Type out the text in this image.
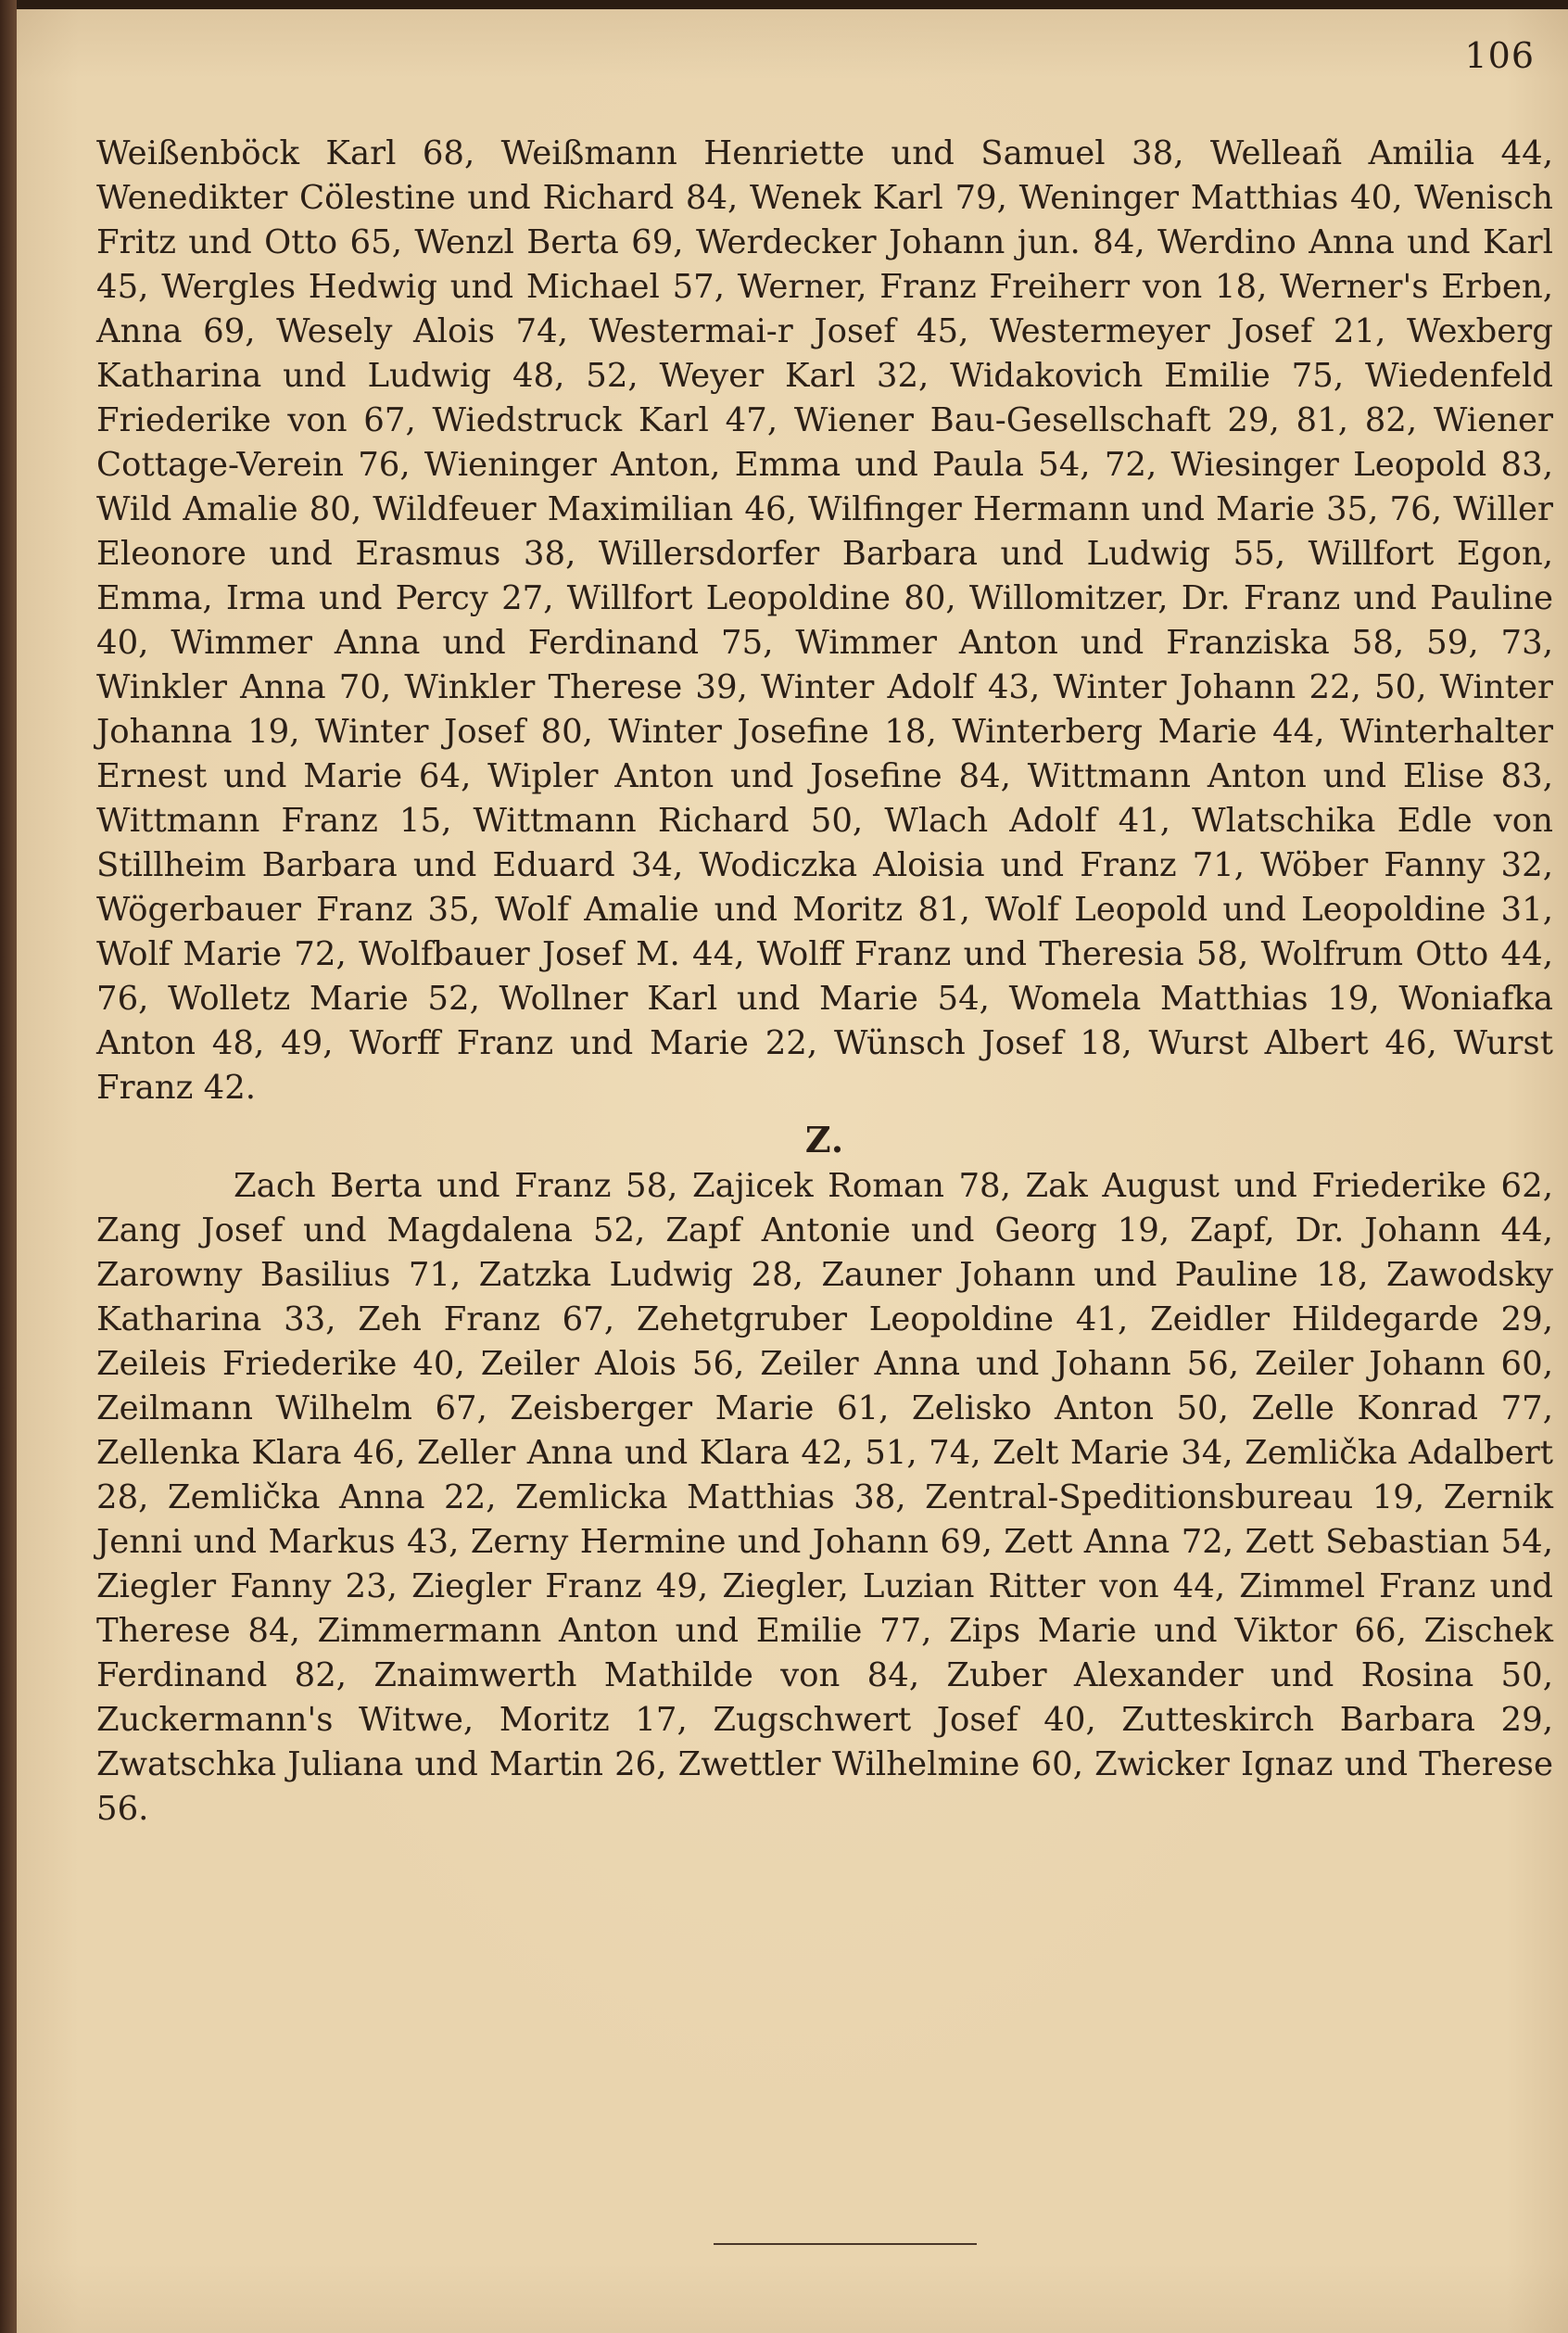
106

Weißenböck Karl 68, Weißmann Henriette und Samuel 38, Welleañ Amilia 44, Wenedikter Cölestine und Richard 84, Wenek Karl 79, Weninger Matthias 40, Wenisch Fritz und Otto 65, Wenzl Berta 69, Werdecker Johann jun. 84, Werdino Anna und Karl 45, Wergles Hedwig und Michael 57, Werner, Franz Freiherr von 18, Werner's Erben, Anna 69, Wesely Alois 74, Westermai-r Josef 45, Westermeyer Josef 21, Wexberg Katharina und Ludwig 48, 52, Weyer Karl 32, Widakovich Emilie 75, Wiedenfeld Friederike von 67, Wiedstruck Karl 47, Wiener Bau-Gesellschaft 29, 81, 82, Wiener Cottage-Verein 76, Wieninger Anton, Emma und Paula 54, 72, Wiesinger Leopold 83, Wild Amalie 80, Wildfeuer Maximilian 46, Wilfinger Hermann und Marie 35, 76, Willer Eleonore und Erasmus 38, Willersdorfer Barbara und Ludwig 55, Willfort Egon, Emma, Irma und Percy 27, Willfort Leopoldine 80, Willomitzer, Dr. Franz und Pauline 40, Wimmer Anna und Ferdinand 75, Wimmer Anton und Franziska 58, 59, 73, Winkler Anna 70, Winkler Therese 39, Winter Adolf 43, Winter Johann 22, 50, Winter Johanna 19, Winter Josef 80, Winter Josefine 18, Winterberg Marie 44, Winterhalter Ernest und Marie 64, Wipler Anton und Josefine 84, Wittmann Anton und Elise 83, Wittmann Franz 15, Wittmann Richard 50, Wlach Adolf 41, Wlatschika Edle von Stillheim Barbara und Eduard 34, Wodiczka Aloisia und Franz 71, Wöber Fanny 32, Wögerbauer Franz 35, Wolf Amalie und Moritz 81, Wolf Leopold und Leopoldine 31, Wolf Marie 72, Wolfbauer Josef M. 44, Wolff Franz und Theresia 58, Wolfrum Otto 44, 76, Wolletz Marie 52, Wollner Karl und Marie 54, Womela Matthias 19, Woniafka Anton 48, 49, Worff Franz und Marie 22, Wünsch Josef 18, Wurst Albert 46, Wurst Franz 42.

Z.

Zach Berta und Franz 58, Zajicek Roman 78, Zak August und Friederike 62, Zang Josef und Magdalena 52, Zapf Antonie und Georg 19, Zapf, Dr. Johann 44, Zarowny Basilius 71, Zatzka Ludwig 28, Zauner Johann und Pauline 18, Zawodsky Katharina 33, Zeh Franz 67, Zehetgruber Leopoldine 41, Zeidler Hildegarde 29, Zeileis Friederike 40, Zeiler Alois 56, Zeiler Anna und Johann 56, Zeiler Johann 60, Zeilmann Wilhelm 67, Zeisberger Marie 61, Zelisko Anton 50, Zelle Konrad 77, Zellenka Klara 46, Zeller Anna und Klara 42, 51, 74, Zelt Marie 34, Zemlička Adalbert 28, Zemlička Anna 22, Zemlicka Matthias 38, Zentral-Speditionsbureau 19, Zernik Jenni und Markus 43, Zerny Hermine und Johann 69, Zett Anna 72, Zett Sebastian 54, Ziegler Fanny 23, Ziegler Franz 49, Ziegler, Luzian Ritter von 44, Zimmel Franz und Therese 84, Zimmermann Anton und Emilie 77, Zips Marie und Viktor 66, Zischek Ferdinand 82, Znaimwerth Mathilde von 84, Zuber Alexander und Rosina 50, Zuckermann's Witwe, Moritz 17, Zugschwert Josef 40, Zutteskirch Barbara 29, Zwatschka Juliana und Martin 26, Zwettler Wilhelmine 60, Zwicker Ignaz und Therese 56.
